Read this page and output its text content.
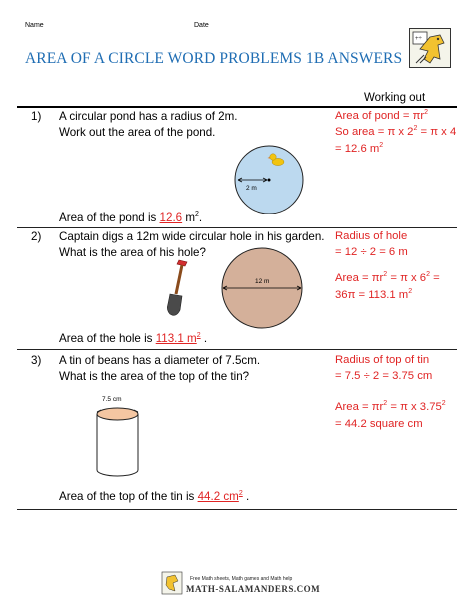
Name	Date
AREA OF A CIRCLE WORD PROBLEMS 1B ANSWERS
+÷
Working out
1) A circular pond has a radius of 2m.
Work out the area of the pond.
Area of pond = $\pi r^2$
So area = π x $2^2 = \pi$ x 4
= 12.6 $m^2$
2 m
Area of the pond is 12.6 $m^2$.
2) Captain digs a 12m wide circular hole in his garden.
What is the area of his hole?
Radius of hole
= 12 ÷ 2 = 6 m
Area = $\pi r^2 = \pi$ x $6^2$ =
36π = 113.1 $m^2$
12 m
Area of the hole is 113.1 $m^2$ .
3) A tin of beans has a diameter of 7.5cm.
What is the area of the top of the tin?
Radius of top of tin
= 7.5 ÷ 2 = 3.75 cm
Area = $\pi r^2 = \pi$ x $3.75^2$
= 44.2 square cm
7.5 cm
Area of the top of the tin is 44.2 $cm^2$ .
Free Math sheets, Math games and Math help
MATH-SALAMANDERS.COM
